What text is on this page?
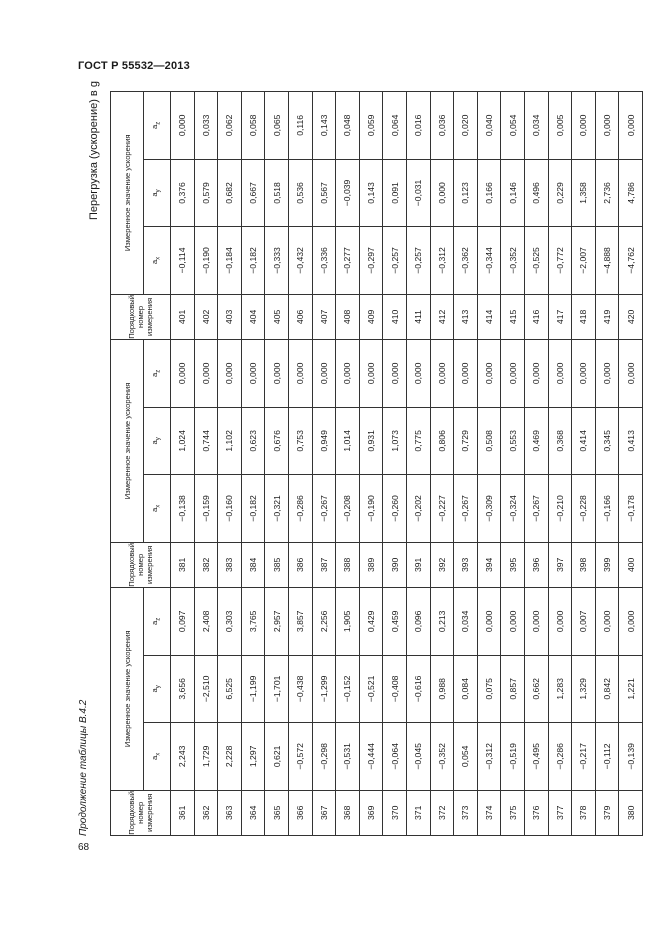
ГОСТ Р 55532—2013
68
Продолжение таблицы В.4.2
Перегрузка (ускорение) в g
Порядковый номер измерения	Измеренное значение ускорения			Порядковый номер измерения	Измеренное значение ускорения			Порядковый номер измерения	Измеренное значение ускорения		
	$a_x$	$a_y$	$a_z$		$a_x$	$a_y$	$a_z$		$a_x$	$a_y$	$a_z$
361	2,243	3,656	0,097	381	−0,138	1,024	0,000	401	−0,114	0,376	0,000
362	1,729	−2,510	2,408	382	−0,159	0,744	0,000	402	−0,190	0,579	0,033
363	2,228	6,525	0,303	383	−0,160	1,102	0,000	403	−0,184	0,682	0,062
364	1,297	−1,199	3,765	384	−0,182	0,623	0,000	404	−0,182	0,667	0,058
365	0,621	−1,701	2,957	385	−0,321	0,676	0,000	405	−0,333	0,518	0,065
366	−0,572	−0,438	3,857	386	−0,286	0,753	0,000	406	−0,432	0,536	0,116
367	−0,298	−1,299	2,256	387	−0,267	0,949	0,000	407	−0,336	0,567	0,143
368	−0,531	−0,152	1,905	388	−0,208	1,014	0,000	408	−0,277	−0,039	0,048
369	−0,444	−0,521	0,429	389	−0,190	0,931	0,000	409	−0,297	0,143	0,059
370	−0,064	−0,408	0,459	390	−0,260	1,073	0,000	410	−0,257	0,091	0,064
371	−0,045	−0,616	0,096	391	−0,202	0,775	0,000	411	−0,257	−0,031	0,016
372	−0,352	0,988	0,213	392	−0,227	0,806	0,000	412	−0,312	0,000	0,036
373	0,054	0,084	0,034	393	−0,267	0,729	0,000	413	−0,362	0,123	0,020
374	−0,312	0,075	0,000	394	−0,309	0,508	0,000	414	−0,344	0,166	0,040
375	−0,519	0,857	0,000	395	−0,324	0,553	0,000	415	−0,352	0,146	0,054
376	−0,495	0,662	0,000	396	−0,267	0,469	0,000	416	−0,525	0,496	0,034
377	−0,286	1,283	0,000	397	−0,210	0,368	0,000	417	−0,772	0,229	0,005
378	−0,217	1,329	0,007	398	−0,228	0,414	0,000	418	−2,007	1,358	0,000
379	−0,112	0,842	0,000	399	−0,166	0,345	0,000	419	−4,888	2,736	0,000
380	−0,139	1,221	0,000	400	−0,178	0,413	0,000	420	−4,762	4,786	0,000
